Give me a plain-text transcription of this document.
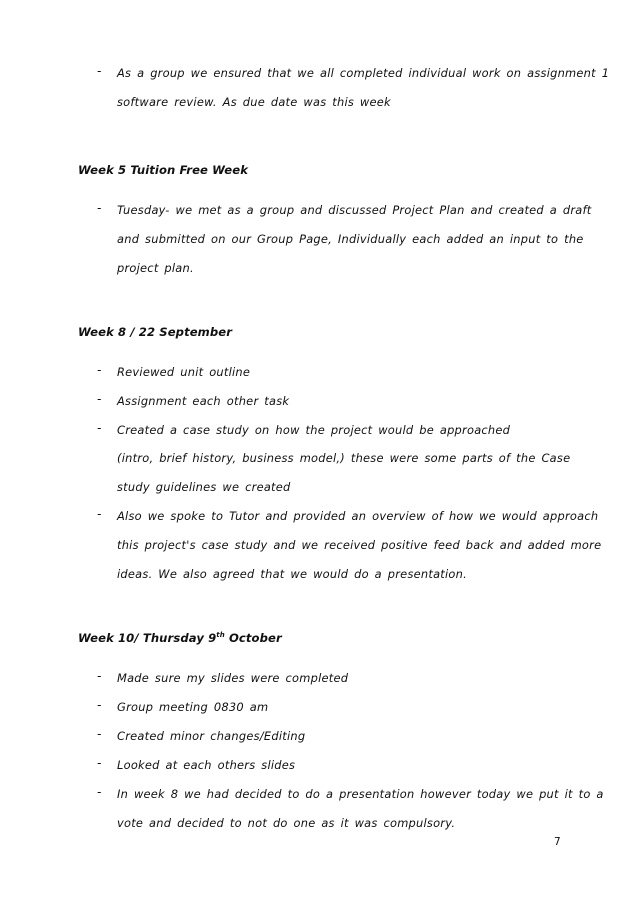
- As a group we ensured that we all completed individual work on assignment 1
software review. As due date was this week
Week 5 Tuition Free Week
- Tuesday- we met as a group and discussed Project Plan and created a draft
and submitted on our Group Page, Individually each added an input to the
project plan.
Week 8 / 22 September
- Reviewed unit outline
- Assignment each other task
- Created a case study on how the project would be approached
(intro, brief history, business model,) these were some parts of the Case
study guidelines we created
- Also we spoke to Tutor and provided an overview of how we would approach
this project's case study and we received positive feed back and added more
ideas. We also agreed that we would do a presentation.
Week 10/ Thursday 9th October
- Made sure my slides were completed
- Group meeting 0830 am
- Created minor changes/Editing
- Looked at each others slides
- In week 8 we had decided to do a presentation however today we put it to a
vote and decided to not do one as it was compulsory.
7
